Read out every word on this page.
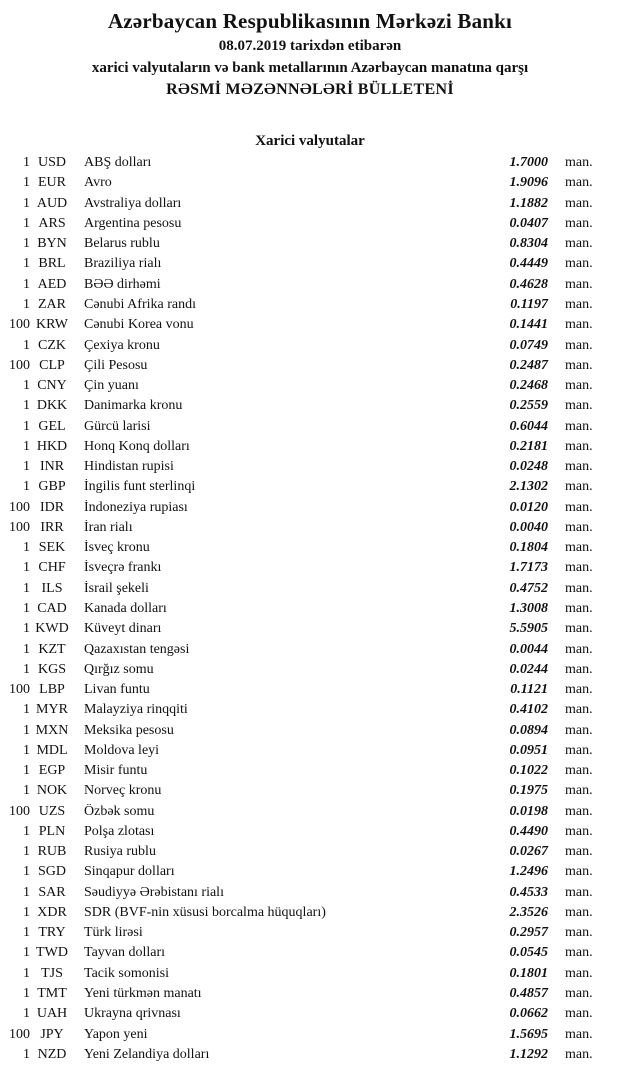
Azərbaycan Respublikasının Mərkəzi Bankı
08.07.2019 tarixdən etibarən
xarici valyutaların və bank metallarının Azərbaycan manatına qarşı
RƏSMİ MƏZƏNNƏLƏRİ BÜLLETENİ
Xarici valyutalar
1 USD	ABŞ dolları	1.7000	man.
1 EUR	Avro	1.9096	man.
1 AUD	Avstraliya dolları	1.1882	man.
1 ARS	Argentina pesosu	0.0407	man.
1 BYN	Belarus rublu	0.8304	man.
1 BRL	Braziliya rialı	0.4449	man.
1 AED	BƏƏ dirhəmi	0.4628	man.
1 ZAR	Cənubi Afrika randı	0.1197	man.
100 KRW	Cənubi Korea vonu	0.1441	man.
1 CZK	Çexiya kronu	0.0749	man.
100 CLP	Çili Pesosu	0.2487	man.
1 CNY	Çin yuanı	0.2468	man.
1 DKK	Danimarka kronu	0.2559	man.
1 GEL	Gürcü larisi	0.6044	man.
1 HKD	Honq Konq dolları	0.2181	man.
1 INR	Hindistan rupisi	0.0248	man.
1 GBP	İngilis funt sterlinqi	2.1302	man.
100 IDR	İndoneziya rupiası	0.0120	man.
100 IRR	İran rialı	0.0040	man.
1 SEK	İsveç kronu	0.1804	man.
1 CHF	İsveçrə frankı	1.7173	man.
1 ILS	İsrail şekeli	0.4752	man.
1 CAD	Kanada dolları	1.3008	man.
1 KWD	Küveyt dinarı	5.5905	man.
1 KZT	Qazaxıstan tengəsi	0.0044	man.
1 KGS	Qırğız somu	0.0244	man.
100 LBP	Livan funtu	0.1121	man.
1 MYR	Malayziya rinqqiti	0.4102	man.
1 MXN	Meksika pesosu	0.0894	man.
1 MDL	Moldova leyi	0.0951	man.
1 EGP	Misir funtu	0.1022	man.
1 NOK	Norveç kronu	0.1975	man.
100 UZS	Özbək somu	0.0198	man.
1 PLN	Polşa zlotası	0.4490	man.
1 RUB	Rusiya rublu	0.0267	man.
1 SGD	Sinqapur dolları	1.2496	man.
1 SAR	Səudiyyə Ərəbistanı rialı	0.4533	man.
1 XDR	SDR (BVF-nin xüsusi borcalma hüquqları)	2.3526	man.
1 TRY	Türk lirəsi	0.2957	man.
1 TWD	Tayvan dolları	0.0545	man.
1 TJS	Tacik somonisi	0.1801	man.
1 TMT	Yeni türkmən manatı	0.4857	man.
1 UAH	Ukrayna qrivnası	0.0662	man.
100 JPY	Yapon yeni	1.5695	man.
1 NZD	Yeni Zelandiya dolları	1.1292	man.
